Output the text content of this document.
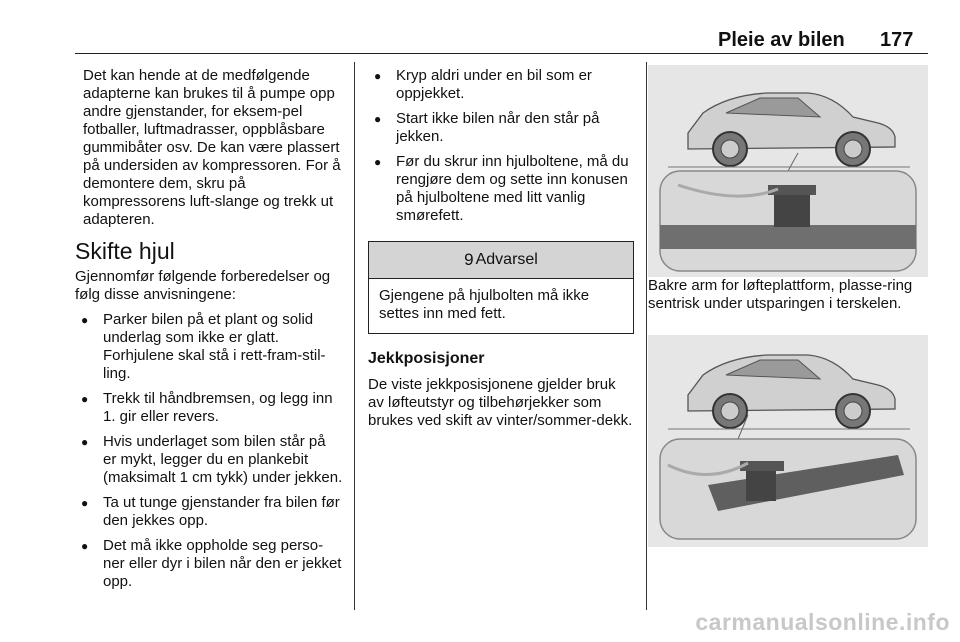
Pleie av bilen 177

Det kan hende at de medfølgende adapterne kan brukes til å pumpe opp andre gjenstander, for eksem-pel fotballer, luftmadrasser, oppblåsbare gummibåter osv. De kan være plassert på undersiden av kompressoren. For å demontere dem, skru på kompressorens luft-slange og trekk ut adapteren.

Skifte hjul

Gjennomfør følgende forberedelser og følg disse anvisningene:

● Parker bilen på et plant og solid underlag som ikke er glatt. Forhjulene skal stå i rett-fram-stil-ling.
● Trekk til håndbremsen, og legg inn 1. gir eller revers.
● Hvis underlaget som bilen står på er mykt, legger du en plankebit (maksimalt 1 cm tykk) under jekken.
● Ta ut tunge gjenstander fra bilen før den jekkes opp.
● Det må ikke oppholde seg perso-ner eller dyr i bilen når den er jekket opp.
● Kryp aldri under en bil som er oppjekket.
● Start ikke bilen når den står på jekken.
● Før du skrur inn hjulboltene, må du rengjøre dem og sette inn konusen på hjulboltene med litt vanlig smørefett.
9 Advarsel
Gjengene på hjulbolten må ikke settes inn med fett.
Jekkposisjoner

De viste jekkposisjonene gjelder bruk av løfteutstyr og tilbehørjekker som brukes ved skift av vinter/sommer-dekk.

Bakre arm for løfteplattform, plasse-ring sentrisk under utsparingen i terskelen.

carmanualsonline.info
